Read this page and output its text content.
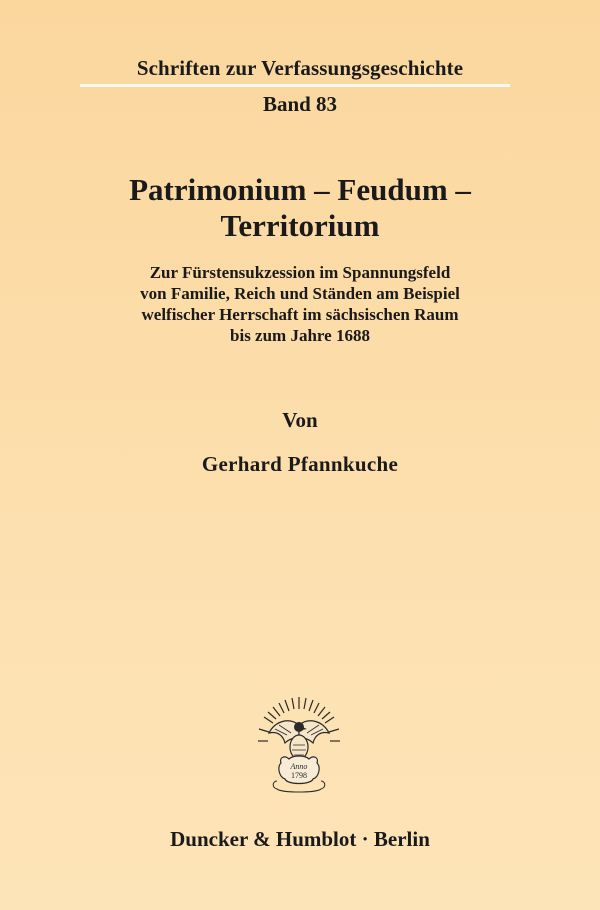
Schriften zur Verfassungsgeschichte
Band 83
Patrimonium – Feudum –
Territorium
Zur Fürstensukzession im Spannungsfeld
von Familie, Reich und Ständen am Beispiel
welfischer Herrschaft im sächsischen Raum
bis zum Jahre 1688
Von
Gerhard Pfannkuche
Anno
1798
Duncker & Humblot · Berlin
